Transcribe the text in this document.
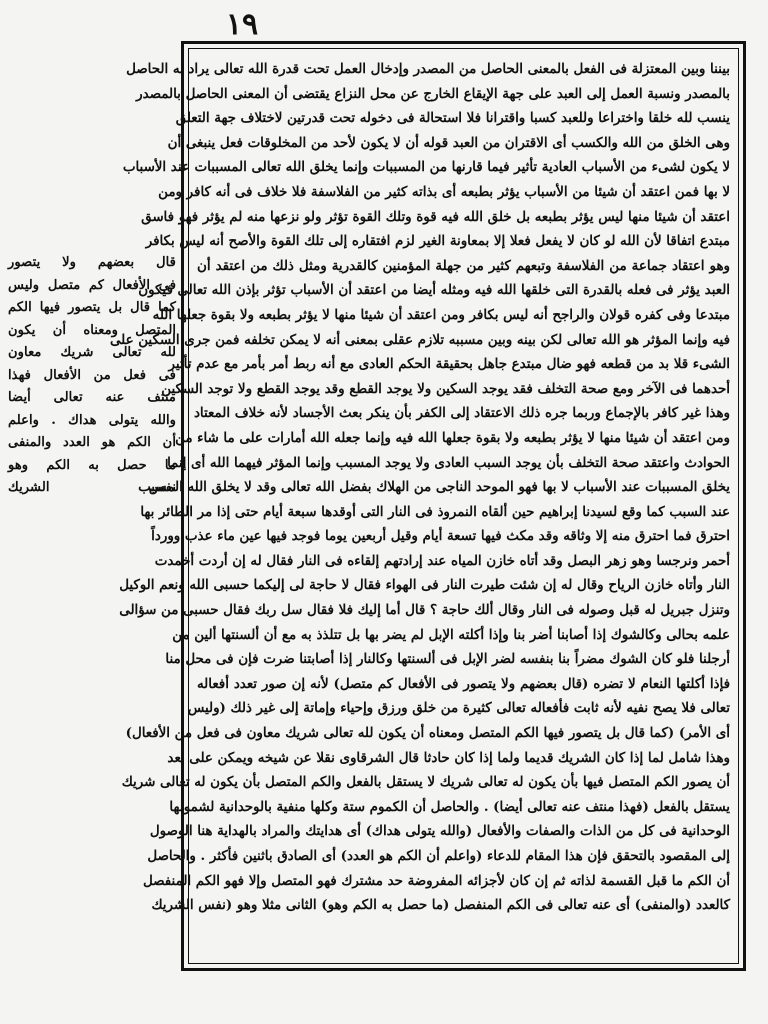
١٩
قال بعضهم ولا يتصور
فى الأفعال كم متصل وليس
كما قال بل يتصور فيها الكم
المتصل ومعناه أن يكون
لله تعالى شريك معاون
فى فعل من الأفعال فهذا
منتف عنه تعالى أيضا
والله يتولى هداك . واعلم
أن الكم هو العدد والمنفى
ما حصل به الكم وهو
نفس الشريك
بيننا وبين المعتزلة فى الفعل بالمعنى الحاصل من المصدر وإدخال العمل تحت قدرة الله تعالى يراد به الحاصل
بالمصدر ونسبة العمل إلى العبد على جهة الإيقاع الخارج عن محل النزاع يقتضى أن المعنى الحاصل بالمصدر
ينسب لله خلقا واختراعا وللعبد كسبا واقترانا فلا استحالة فى دخوله تحت قدرتين لاختلاف جهة التعلق
وهى الخلق من الله والكسب أى الاقتران من العبد قوله أن لا يكون لأحد من المخلوقات فعل ينبغى أن
لا يكون لشىء من الأسباب العادية تأثير فيما قارنها من المسببات وإنما يخلق الله تعالى المسببات عند الأسباب
لا بها فمن اعتقد أن شيئا من الأسباب يؤثر بطبعه أى بذاته كثير من الفلاسفة فلا خلاف فى أنه كافر ومن
اعتقد أن شيئا منها ليس يؤثر بطبعه بل خلق الله فيه قوة وتلك القوة تؤثر ولو نزعها منه لم يؤثر فهو فاسق
مبتدع اتفاقا لأن الله لو كان لا يفعل فعلا إلا بمعاونة الغير لزم افتقاره إلى تلك القوة والأصح أنه ليس بكافر
وهو اعتقاد جماعة من الفلاسفة وتبعهم كثير من جهلة المؤمنين كالقدرية ومثل ذلك من اعتقد أن
العبد يؤثر فى فعله بالقدرة التى خلقها الله فيه ومثله أيضا من اعتقد أن الأسباب تؤثر بإذن الله تعالى فيكون
مبتدعا وفى كفره قولان والراجح أنه ليس بكافر ومن اعتقد أن شيئا منها لا يؤثر بطبعه ولا بقوة جعلها الله
فيه وإنما المؤثر هو الله تعالى لكن بينه وبين مسببه تلازم عقلى بمعنى أنه لا يمكن تخلفه فمن جرى السكين على
الشىء قلا بد من قطعه فهو ضال مبتدع جاهل بحقيقة الحكم العادى مع أنه ربط أمر بأمر مع عدم تأثير
أحدهما فى الآخر ومع صحة التخلف فقد يوجد السكين ولا يوجد القطع وقد يوجد القطع ولا توجد السكين
وهذا غير كافر بالإجماع وربما جره ذلك الاعتقاد إلى الكفر بأن ينكر بعث الأجساد لأنه خلاف المعتاد
ومن اعتقد أن شيئا منها لا يؤثر بطبعه ولا بقوة جعلها الله فيه وإنما جعله الله أمارات على ما شاء من
الحوادث واعتقد صحة التخلف بأن يوجد السبب العادى ولا يوجد المسبب وإنما المؤثر فيهما الله أى إنما
يخلق المسببات عند الأسباب لا بها فهو الموحد الناجى من الهلاك بفضل الله تعالى وقد لا يخلق الله المسبب
عند السبب كما وقع لسيدنا إبراهيم حين ألقاه النمروذ فى النار التى أوقدها سبعة أيام حتى إذا مر الطائر بها
احترق فما احترق منه إلا وثاقه وقد مكث فيها تسعة أيام وقيل أربعين يوما فوجد فيها عين ماء عذب وورداً
أحمر ونرجسا وهو زهر البصل وقد أتاه خازن المياه عند إرادتهم إلقاءه فى النار فقال له إن أردت أخمدت
النار وأتاه خازن الرياح وقال له إن شئت طيرت النار فى الهواء فقال لا حاجة لى إليكما حسبى الله ونعم الوكيل
وتنزل جبريل له قبل وصوله فى النار وقال ألك حاجة ؟ قال أما إليك فلا فقال سل ربك فقال حسبى من سؤالى
علمه بحالى وكالشوك إذا أصابنا أضر بنا وإذا أكلته الإبل لم يضر بها بل تتلذذ به مع أن ألسنتها ألين من
أرجلنا فلو كان الشوك مضراً بنا بنفسه لضر الإبل فى ألسنتها وكالنار إذا أصابتنا ضرت فإن فى محل منا
فإذا أكلتها النعام لا تضره (قال بعضهم ولا يتصور فى الأفعال كم متصل) لأنه إن صور تعدد أفعاله
تعالى فلا يصح نفيه لأنه ثابت فأفعاله تعالى كثيرة من خلق ورزق وإحياء وإماتة إلى غير ذلك (وليس
أى الأمر) (كما قال بل يتصور فيها الكم المتصل ومعناه أن يكون لله تعالى شريك معاون فى فعل من الأفعال)
وهذا شامل لما إذا كان الشريك قديما ولما إذا كان حادثا قال الشرقاوى نقلا عن شيخه ويمكن على بعد
أن يصور الكم المتصل فيها بأن يكون له تعالى شريك لا يستقل بالفعل والكم المتصل بأن يكون له تعالى شريك
يستقل بالفعل (فهذا منتف عنه تعالى أيضا) . والحاصل أن الكموم ستة وكلها منفية بالوحدانية لشمولها
الوحدانية فى كل من الذات والصفات والأفعال (والله يتولى هداك) أى هدايتك والمراد بالهداية هنا الوصول
إلى المقصود بالتحقق فإن هذا المقام للدعاء (واعلم أن الكم هو العدد) أى الصادق باثنين فأكثر . والحاصل
أن الكم ما قبل القسمة لذاته ثم إن كان لأجزائه المفروضة حد مشترك فهو المتصل وإلا فهو الكم المنفصل
كالعدد (والمنفى) أى عنه تعالى فى الكم المنفصل (ما حصل به الكم وهو) الثانى مثلا وهو (نفس الشريك
